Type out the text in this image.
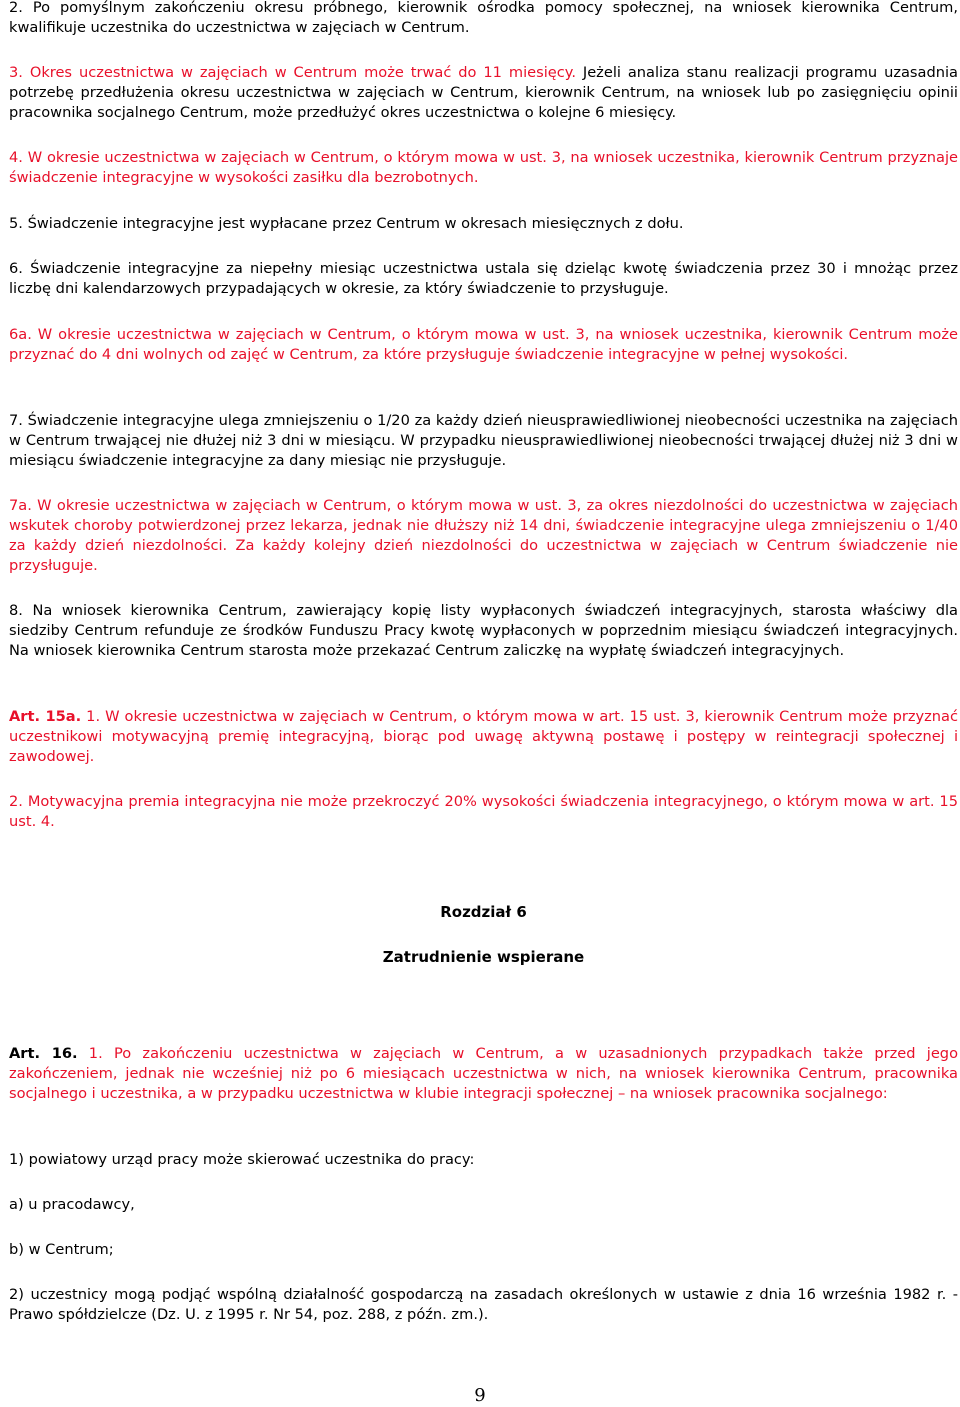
2. Po pomyślnym zakończeniu okresu próbnego, kierownik ośrodka pomocy społecznej, na wniosek kierownika Centrum, kwalifikuje uczestnika do uczestnictwa w zajęciach w Centrum.

3. Okres uczestnictwa w zajęciach w Centrum może trwać do 11 miesięcy. Jeżeli analiza stanu realizacji programu uzasadnia potrzebę przedłużenia okresu uczestnictwa w zajęciach w Centrum, kierownik Centrum, na wniosek lub po zasięgnięciu opinii pracownika socjalnego Centrum, może przedłużyć okres uczestnictwa o kolejne 6 miesięcy.

4. W okresie uczestnictwa w zajęciach w Centrum, o którym mowa w ust. 3, na wniosek uczestnika, kierownik Centrum przyznaje świadczenie integracyjne w wysokości zasiłku dla bezrobotnych.

5. Świadczenie integracyjne jest wypłacane przez Centrum w okresach miesięcznych z dołu.

6. Świadczenie integracyjne za niepełny miesiąc uczestnictwa ustala się dzieląc kwotę świadczenia przez 30 i mnożąc przez liczbę dni kalendarzowych przypadających w okresie, za który świadczenie to przysługuje.

6a. W okresie uczestnictwa w zajęciach w Centrum, o którym mowa w ust. 3, na wniosek uczestnika, kierownik Centrum może przyznać do 4 dni wolnych od zajęć w Centrum, za które przysługuje świadczenie integracyjne w pełnej wysokości.

7. Świadczenie integracyjne ulega zmniejszeniu o 1/20 za każdy dzień nieusprawiedliwionej nieobecności uczestnika na zajęciach w Centrum trwającej nie dłużej niż 3 dni w miesiącu. W przypadku nieusprawiedliwionej nieobecności trwającej dłużej niż 3 dni w miesiącu świadczenie integracyjne za dany miesiąc nie przysługuje.

7a. W okresie uczestnictwa w zajęciach w Centrum, o którym mowa w ust. 3, za okres niezdolności do uczestnictwa w zajęciach wskutek choroby potwierdzonej przez lekarza, jednak nie dłuższy niż 14 dni, świadczenie integracyjne ulega zmniejszeniu o 1/40 za każdy dzień niezdolności. Za każdy kolejny dzień niezdolności do uczestnictwa w zajęciach w Centrum świadczenie nie przysługuje.

8. Na wniosek kierownika Centrum, zawierający kopię listy wypłaconych świadczeń integracyjnych, starosta właściwy dla siedziby Centrum refunduje ze środków Funduszu Pracy kwotę wypłaconych w poprzednim miesiącu świadczeń integracyjnych. Na wniosek kierownika Centrum starosta może przekazać Centrum zaliczkę na wypłatę świadczeń integracyjnych.

Art. 15a. 1. W okresie uczestnictwa w zajęciach w Centrum, o którym mowa w art. 15 ust. 3, kierownik Centrum może przyznać uczestnikowi motywacyjną premię integracyjną, biorąc pod uwagę aktywną postawę i postępy w reintegracji społecznej i zawodowej.

2. Motywacyjna premia integracyjna nie może przekroczyć 20% wysokości świadczenia integracyjnego, o którym mowa w art. 15 ust. 4.

Rozdział 6
Zatrudnienie wspierane

Art. 16. 1. Po zakończeniu uczestnictwa w zajęciach w Centrum, a w uzasadnionych przypadkach także przed jego zakończeniem, jednak nie wcześniej niż po 6 miesiącach uczestnictwa w nich, na wniosek kierownika Centrum, pracownika socjalnego i uczestnika, a w przypadku uczestnictwa w klubie integracji społecznej – na wniosek pracownika socjalnego:

1) powiatowy urząd pracy może skierować uczestnika do pracy:

a) u pracodawcy,

b) w Centrum;

2) uczestnicy mogą podjąć wspólną działalność gospodarczą na zasadach określonych w ustawie z dnia 16 września 1982 r. - Prawo spółdzielcze (Dz. U. z 1995 r. Nr 54, poz. 288, z późn. zm.).

9
